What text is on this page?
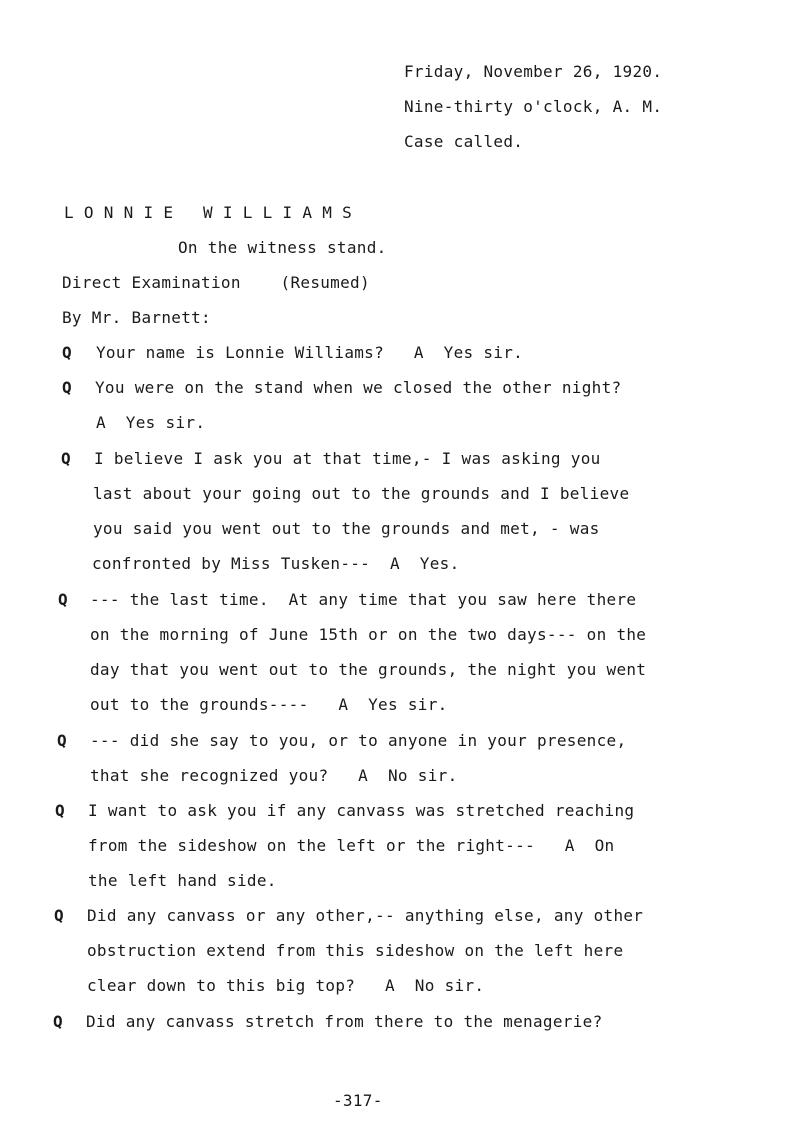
Friday, November 26, 1920.
Nine-thirty o'clock, A. M.
Case called.
L O N N I E   W I L L I A M S
On the witness stand.
Direct Examination    (Resumed)
By Mr. Barnett:
Q Your name is Lonnie Williams?   A  Yes sir.
Q You were on the stand when we closed the other night?
A  Yes sir.
Q I believe I ask you at that time,- I was asking you
last about your going out to the grounds and I believe
you said you went out to the grounds and met, - was
confronted by Miss Tusken---  A  Yes.
Q --- the last time.  At any time that you saw here there
on the morning of June 15th or on the two days--- on the
day that you went out to the grounds, the night you went
out to the grounds----   A  Yes sir.
Q --- did she say to you, or to anyone in your presence,
that she recognized you?   A  No sir.
Q I want to ask you if any canvass was stretched reaching
from the sideshow on the left or the right---   A  On
the left hand side.
Q Did any canvass or any other,-- anything else, any other
obstruction extend from this sideshow on the left here
clear down to this big top?   A  No sir.
Q Did any canvass stretch from there to the menagerie?
-317-
